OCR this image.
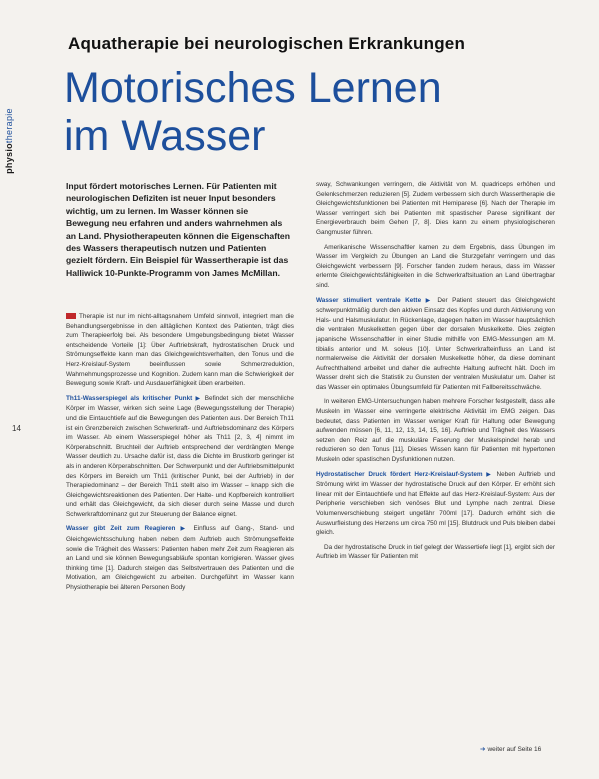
physiotherapie
14
Aquatherapie bei neurologischen Erkrankungen
Motorisches Lernen
im Wasser
Input fördert motorisches Lernen. Für Patienten mit neurologischen Defiziten ist neuer Input besonders wichtig, um zu lernen. Im Wasser können sie Bewegung neu erfahren und anders wahrnehmen als an Land. Physiotherapeuten können die Eigenschaften des Wassers therapeutisch nutzen und Patienten gezielt fördern. Ein Beispiel für Wassertherapie ist das Halliwick 10-Punkte-Programm von James McMillan.

Therapie ist nur im nicht-alltagsnahem Umfeld sinnvoll, integriert man die Behandlungsergebnisse in den alltäglichen Kontext des Patienten, trägt dies zum Therapieerfolg bei. Als besondere Umgebungsbedingung bietet Wasser entscheidende Vorteile [1]: Über Auftriebskraft, hydrostatischen Druck und Strömungseffekte kann man das Gleichgewichtsverhalten, den Tonus und die Herz-Kreislauf-System beeinflussen sowie Schmerzreduktion, Wahrnehmungsprozesse und Kognition. Zudem kann man die Schwierigkeit der Bewegung sowie Kraft- und Ausdauerfähigkeit üben erarbeiten.

Th11-Wasserspiegel als kritischer Punkt ▶ Befindet sich der menschliche Körper im Wasser, wirken sich seine Lage (Bewegungsstellung der Therapie) und die Eintauchtiefe auf die Bewegungen des Patienten aus. Der Bereich Th11 ist ein Grenzbereich zwischen Schwerkraft- und Auftriebsdominanz des Körpers im Wasser. Ab einem Wasserspiegel höher als Th11 [2, 3, 4] nimmt im Körperabschnitt. Bruchteil der Auftrieb entsprechend der verdrängten Menge Wasser deutlich zu. Ursache dafür ist, dass die Dichte im Brustkorb geringer ist als in anderen Körperabschnitten. Der Schwerpunkt und der Auftriebsmittelpunkt des Körpers im Bereich um Th11 (kritischer Punkt, bei der Auftrieb) in der Therapiedominanz – der Bereich Th11 stellt also im Wasser – knapp sich die Gleichgewichtsreaktionen des Patienten. Der Halte- und Kopfbereich kontrolliert und erhält das Gleichgewicht, da sich dieser durch seine Masse und durch Schwerkraftdominanz gut zur Steuerung der Balance eignet.

Wasser gibt Zeit zum Reagieren ▶ Einfluss auf Gang-, Stand- und Gleichgewichtsschulung haben neben dem Auftrieb auch Strömungseffekte sowie die Trägheit des Wassers: Patienten haben mehr Zeit zum Reagieren als an Land und sie können Bewegungsabläufe spontan korrigieren. Wasser gives thinking time [1]. Dadurch steigen das Selbstvertrauen des Patienten und die Motivation, am Gleichgewicht zu arbeiten. Durchgeführt im Wasser kann Physiotherapie bei älteren Personen Body

sway, Schwankungen verringern, die Aktivität von M. quadriceps erhöhen und Gelenkschmerzen reduzieren [5]. Zudem verbessern sich durch Wassertherapie die Gleichgewichtsfunktionen bei Patienten mit Hemiparese [6]. Nach der Therapie im Wasser verringert sich bei Patienten mit spastischer Parese signifikant der Energieverbrauch beim Gehen [7, 8]. Dies kann zu einem physiologischeren Gangmuster führen.

Amerikanische Wissenschaftler kamen zu dem Ergebnis, dass Übungen im Wasser im Vergleich zu Übungen an Land die Sturzgefahr verringern und das Gleichgewicht verbessern [9]. Forscher fanden zudem heraus, dass im Wasser erlernte Gleichgewichtsfähigkeiten in die Schwerkraftsituation an Land übertragbar sind.

Wasser stimuliert ventrale Kette ▶ Der Patient steuert das Gleichgewicht schwerpunktmäßig durch den aktiven Einsatz des Kopfes und durch Aktivierung von Hals- und Halsmuskulatur. In Rückenlage, dagegen halten im Wasser hauptsächlich die ventralen Muskelketten gegen über der dorsalen Muskelkette. Dies zeigten japanische Wissenschaftler in einer Studie mithilfe von EMG-Messungen am M. tibialis anterior und M. soleus [10]. Unter Schwerkrafteinfluss an Land ist normalerweise die Aktivität der dorsalen Muskelkette höher, da diese dominant Aufrechthaltend arbeitet und daher die aufrechte Haltung aufrecht hält. Doch im Wasser dreht sich die Statistik zu Gunsten der ventralen Muskulatur um. Daher ist das Wasser ein optimales Übungsumfeld für Patienten mit Fallbereitsschwäche.

In weiteren EMG-Untersuchungen haben mehrere Forscher festgestellt, dass alle Muskeln im Wasser eine verringerte elektrische Aktivität im EMG zeigen. Das bedeutet, dass Patienten im Wasser weniger Kraft für Haltung oder Bewegung aufwenden müssen [6, 11, 12, 13, 14, 15, 16]. Auftrieb und Trägheit des Wassers setzen den Reiz auf die muskuläre Faserung der Muskelspindel herab und reduzieren so den Tonus [11]. Dieses Wissen kann für Patienten mit hypertonen Muskeln oder spastischen Dysfunktionen nutzen.

Hydrostatischer Druck fördert Herz-Kreislauf-System ▶ Neben Auftrieb und Strömung wirkt im Wasser der hydrostatische Druck auf den Körper. Er erhöht sich linear mit der Eintauchtiefe und hat Effekte auf das Herz-Kreislauf-System: Aus der Peripherie verschieben sich venöses Blut und Lymphe nach zentral. Diese Volumenverschiebung steigert ungefähr 700ml [17]. Dadurch erhöht sich die Auswurfleistung des Herzens um circa 750 ml [15]. Blutdruck und Puls bleiben dabei gleich.

Da der hydrostatische Druck in tief gelegt der Wassertiefe liegt [1], ergibt sich der Auftrieb im Wasser für Patienten mit

➔ weiter auf Seite 16
